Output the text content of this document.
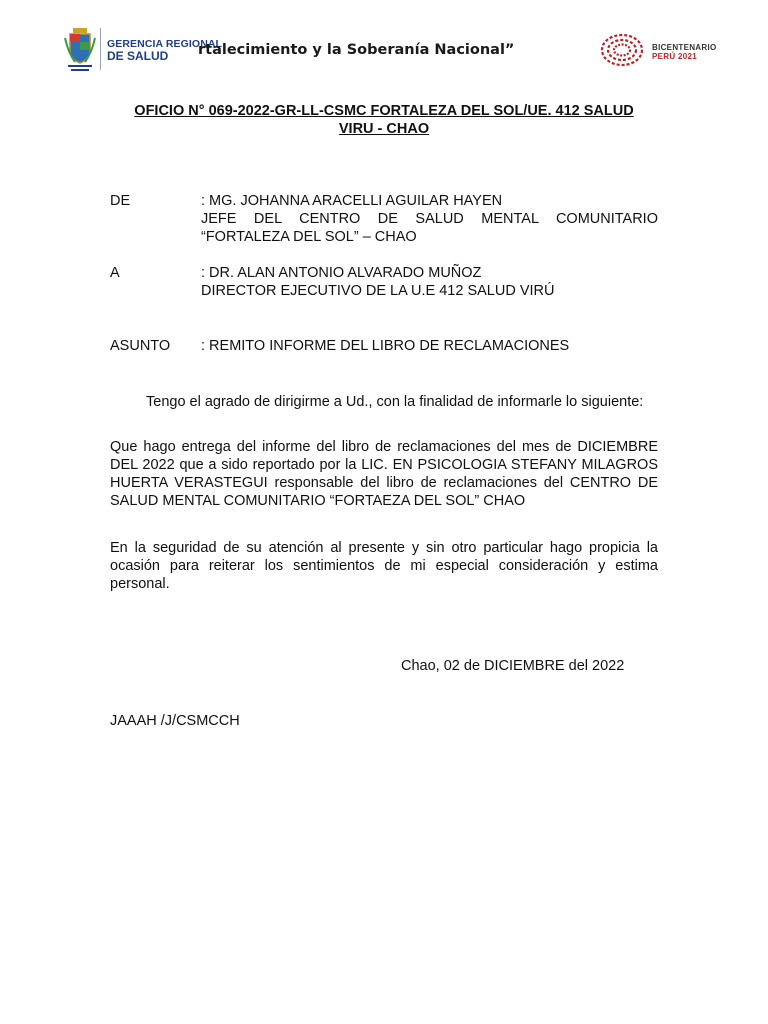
GERENCIA REGIONAL
DE SALUD	rtalecimiento y la Soberanía Nacional”	BICENTENARIO
PERÚ 2021
OFICIO N° 069-2022-GR-LL-CSMC FORTALEZA DEL SOL/UE. 412 SALUD
VIRU - CHAO
DE	: MG. JOHANNA ARACELLI AGUILAR HAYEN
JEFE DEL CENTRO DE SALUD MENTAL COMUNITARIO
“FORTALEZA DEL SOL” – CHAO
A	: DR. ALAN ANTONIO ALVARADO MUÑOZ
DIRECTOR EJECUTIVO DE LA U.E 412 SALUD VIRÚ
ASUNTO : REMITO INFORME DEL LIBRO DE RECLAMACIONES

Tengo el agrado de dirigirme a Ud., con la finalidad de informarle lo siguiente:

Que hago entrega del informe del libro de reclamaciones del mes de DICIEMBRE DEL 2022 que a sido reportado por la LIC. EN PSICOLOGIA STEFANY MILAGROS HUERTA VERASTEGUI responsable del libro de reclamaciones del CENTRO DE SALUD MENTAL COMUNITARIO “FORTAEZA DEL SOL” CHAO

En la seguridad de su atención al presente y sin otro particular hago propicia la ocasión para reiterar los sentimientos de mi especial consideración y estima personal.

Chao, 02 de DICIEMBRE del 2022
JAAAH /J/CSMCCH
